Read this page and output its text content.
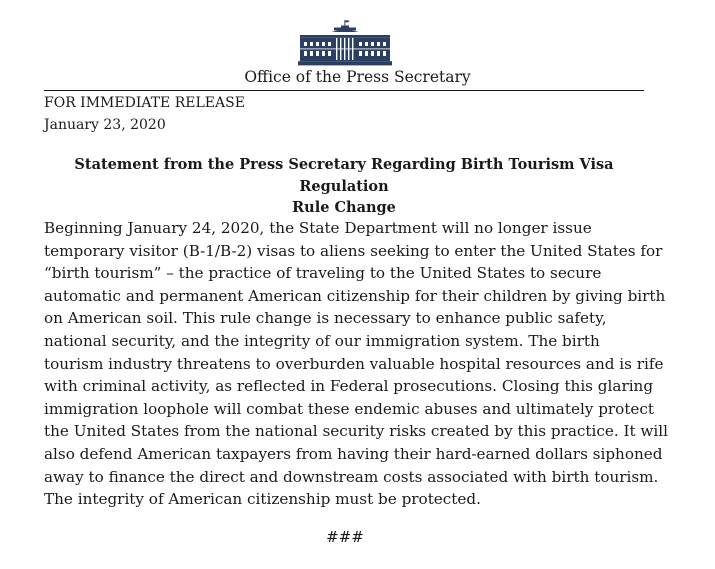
Office of the Press Secretary
FOR IMMEDIATE RELEASE
January 23, 2020
Statement from the Press Secretary Regarding Birth Tourism Visa Regulation
Rule Change

Beginning January 24, 2020, the State Department will no longer issue
temporary visitor (B-1/B-2) visas to aliens seeking to enter the United States for
“birth tourism” – the practice of traveling to the United States to secure
automatic and permanent American citizenship for their children by giving birth
on American soil. This rule change is necessary to enhance public safety,
national security, and the integrity of our immigration system. The birth
tourism industry threatens to overburden valuable hospital resources and is rife
with criminal activity, as reflected in Federal prosecutions. Closing this glaring
immigration loophole will combat these endemic abuses and ultimately protect
the United States from the national security risks created by this practice. It will
also defend American taxpayers from having their hard-earned dollars siphoned
away to finance the direct and downstream costs associated with birth tourism.
The integrity of American citizenship must be protected.

###
